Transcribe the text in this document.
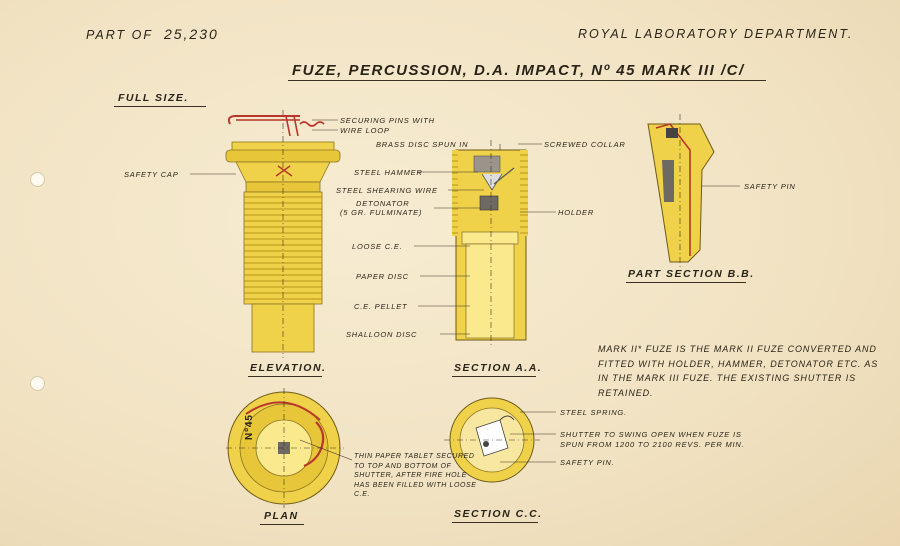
PART OF 25,230	ROYAL LABORATORY DEPARTMENT.
FUZE, PERCUSSION, D.A. IMPACT, Nº 45 MARK III /C/
FULL SIZE.
SECURING PINS WITH
WIRE LOOP
SAFETY CAP
BRASS DISC SPUN IN	SCREWED COLLAR
STEEL HAMMER
STEEL SHEARING WIRE
DETONATOR
(5 GR. FULMINATE)	HOLDER
LOOSE C.E.
PAPER DISC
C.E. PELLET
SHALLOON DISC
SAFETY PIN
STEEL SPRING.
SHUTTER TO SWING OPEN WHEN FUZE IS
SPUN FROM 1200 TO 2100 REVS. PER MIN.
SAFETY PIN.
THIN PAPER TABLET SECURED TO TOP AND BOTTOM OF SHUTTER, AFTER FIRE HOLE HAS BEEN FILLED WITH LOOSE C.E.
Nº45
ELEVATION.	SECTION A.A.
PART SECTION B.B.
PLAN	SECTION C.C.
MARK II* FUZE IS THE MARK II FUZE CONVERTED AND FITTED WITH HOLDER, HAMMER, DETONATOR ETC. AS IN THE MARK III FUZE. THE EXISTING SHUTTER IS RETAINED.
